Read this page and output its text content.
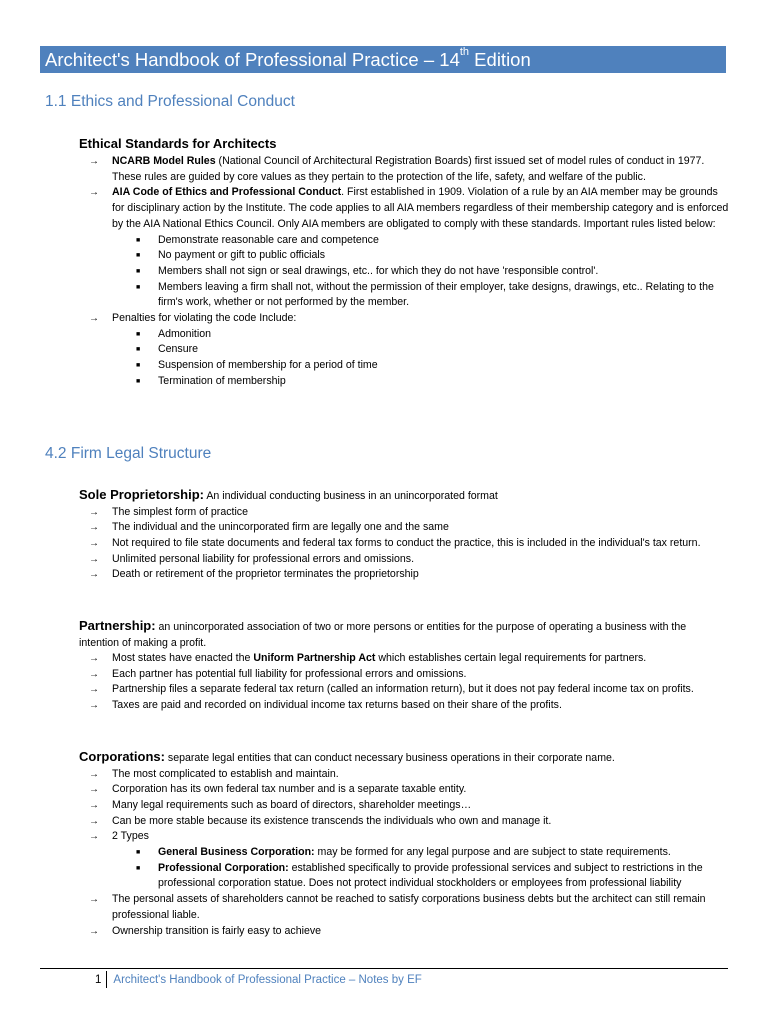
Architect's Handbook of Professional Practice – 14th Edition
1.1 Ethics and Professional Conduct
Ethical Standards for Architects
→ NCARB Model Rules (National Council of Architectural Registration Boards) first issued set of model rules of conduct in 1977. These rules are guided by core values as they pertain to the protection of the life, safety, and welfare of the public.
→ AIA Code of Ethics and Professional Conduct. First established in 1909. Violation of a rule by an AIA member may be grounds for disciplinary action by the Institute. The code applies to all AIA members regardless of their membership category and is enforced by the AIA National Ethics Council. Only AIA members are obligated to comply with these standards. Important rules listed below:
■ Demonstrate reasonable care and competence
■ No payment or gift to public officials
■ Members shall not sign or seal drawings, etc.. for which they do not have 'responsible control'.
■ Members leaving a firm shall not, without the permission of their employer, take designs, drawings, etc.. Relating to the firm's work, whether or not performed by the member.
→ Penalties for violating the code Include:
■ Admonition
■ Censure
■ Suspension of membership for a period of time
■ Termination of membership
4.2 Firm Legal Structure
Sole Proprietorship: An individual conducting business in an unincorporated format
→ The simplest form of practice
→ The individual and the unincorporated firm are legally one and the same
→ Not required to file state documents and federal tax forms to conduct the practice, this is included in the individual's tax return.
→ Unlimited personal liability for professional errors and omissions.
→ Death or retirement of the proprietor terminates the proprietorship
Partnership: an unincorporated association of two or more persons or entities for the purpose of operating a business with the intention of making a profit.
→ Most states have enacted the Uniform Partnership Act which establishes certain legal requirements for partners.
→ Each partner has potential full liability for professional errors and omissions.
→ Partnership files a separate federal tax return (called an information return), but it does not pay federal income tax on profits.
→ Taxes are paid and recorded on individual income tax returns based on their share of the profits.
Corporations: separate legal entities that can conduct necessary business operations in their corporate name.
→ The most complicated to establish and maintain.
→ Corporation has its own federal tax number and is a separate taxable entity.
→ Many legal requirements such as board of directors, shareholder meetings…
→ Can be more stable because its existence transcends the individuals who own and manage it.
→ 2 Types
■ General Business Corporation: may be formed for any legal purpose and are subject to state requirements.
■ Professional Corporation: established specifically to provide professional services and subject to restrictions in the professional corporation statue. Does not protect individual stockholders or employees from professional liability
→ The personal assets of shareholders cannot be reached to satisfy corporations business debts but the architect can still remain professional liable.
→ Ownership transition is fairly easy to achieve
1 Architect's Handbook of Professional Practice – Notes by EF
